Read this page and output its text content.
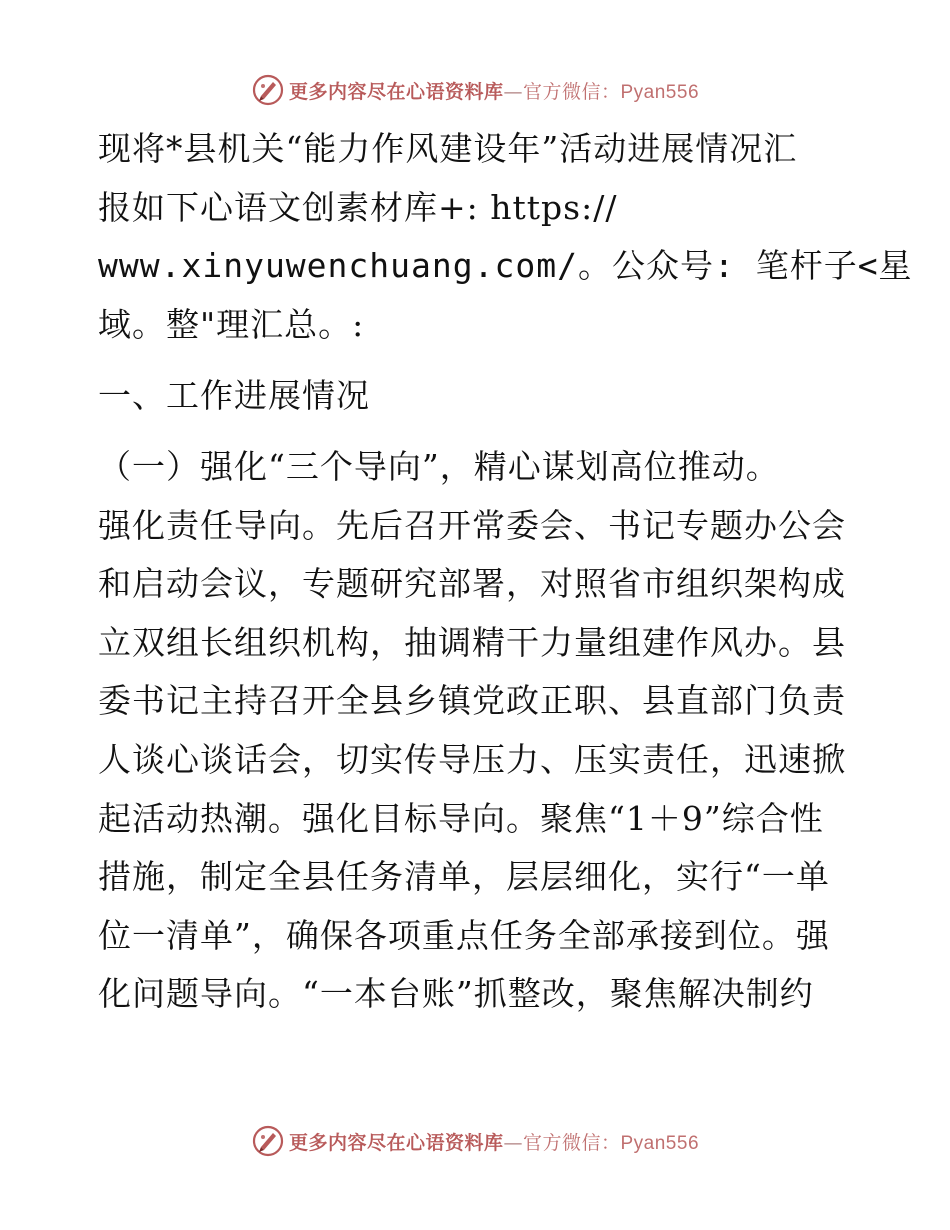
更多内容尽在心语资料库—官方微信：Pyan556
现将*县机关“能力作风建设年”活动进展情况汇
报如下心语文创素材库+: https://
www.xinyuwenchuang.com/。公众号: 笔杆子<星
域。整"理汇总。:
一、工作进展情况
（一）强化“三个导向”，精心谋划高位推动。
强化责任导向。先后召开常委会、书记专题办公会
和启动会议，专题研究部署，对照省市组织架构成
立双组长组织机构，抽调精干力量组建作风办。县
委书记主持召开全县乡镇党政正职、县直部门负责
人谈心谈话会，切实传导压力、压实责任，迅速掀
起活动热潮。强化目标导向。聚焦“1＋9”综合性
措施，制定全县任务清单，层层细化，实行“一单
位一清单”，确保各项重点任务全部承接到位。强
化问题导向。“一本台账”抓整改，聚焦解决制约
更多内容尽在心语资料库—官方微信：Pyan556
